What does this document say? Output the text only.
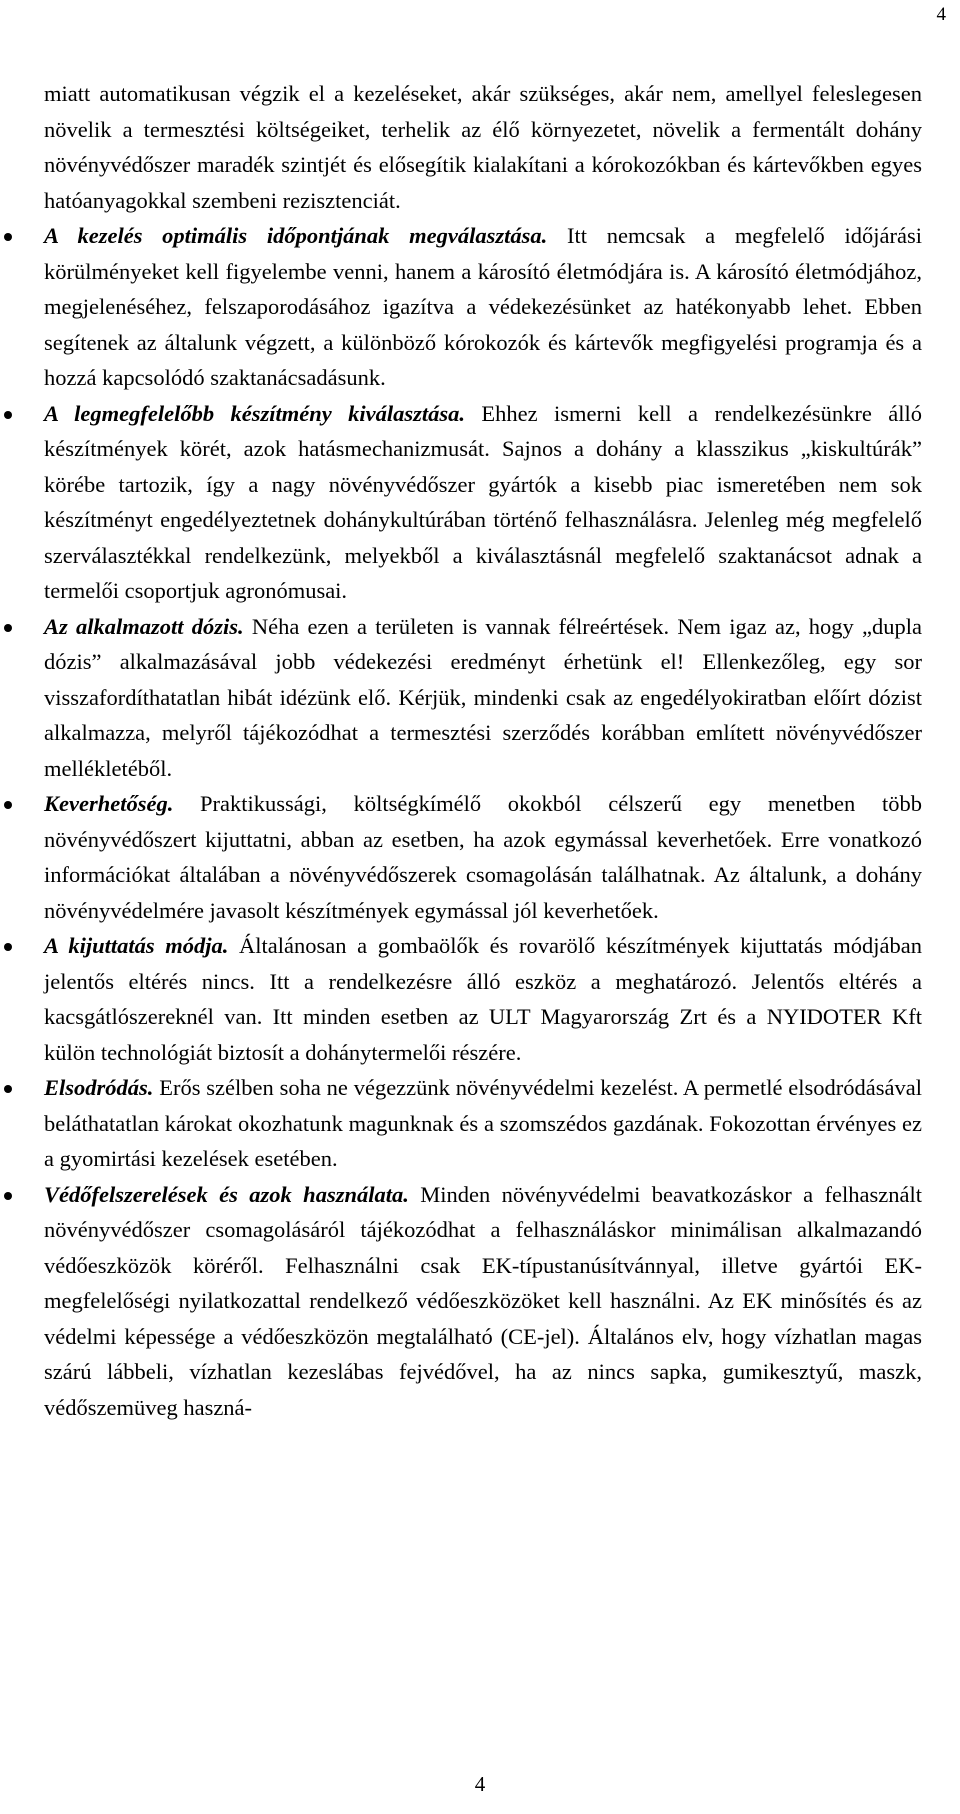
4

miatt automatikusan végzik el a kezeléseket, akár szükséges, akár nem, amellyel feleslegesen növelik a termesztési költségeiket, terhelik az élő környezetet, növelik a fermentált dohány növényvédőszer maradék szintjét és elősegítik kialakítani a kórokozókban és kártevőkben egyes hatóanyagokkal szembeni rezisztenciát.

A kezelés optimális időpontjának megválasztása. Itt nemcsak a megfelelő időjárási körülményeket kell figyelembe venni, hanem a károsító életmódjára is. A károsító életmódjához, megjelenéséhez, felszaporodásához igazítva a védekezésünket az hatékonyabb lehet. Ebben segítenek az általunk végzett, a különböző kórokozók és kártevők megfigyelési programja és a hozzá kapcsolódó szaktanácsadásunk.
A legmegfelelőbb készítmény kiválasztása. Ehhez ismerni kell a rendelkezésünkre álló készítmények körét, azok hatásmechanizmusát. Sajnos a dohány a klasszikus „kiskultúrák” körébe tartozik, így a nagy növényvédőszer gyártók a kisebb piac ismeretében nem sok készítményt engedélyeztetnek dohánykultúrában történő felhasználásra. Jelenleg még megfelelő szerválasztékkal rendelkezünk, melyekből a kiválasztásnál megfelelő szaktanácsot adnak a termelői csoportjuk agronómusai.
Az alkalmazott dózis. Néha ezen a területen is vannak félreértések. Nem igaz az, hogy „dupla dózis” alkalmazásával jobb védekezési eredményt érhetünk el! Ellenkezőleg, egy sor visszafordíthatatlan hibát idézünk elő. Kérjük, mindenki csak az engedélyokiratban előírt dózist alkalmazza, melyről tájékozódhat a termesztési szerződés korábban említett növényvédőszer mellékletéből.
Keverhetőség. Praktikussági, költségkímélő okokból célszerű egy menetben több növényvédőszert kijuttatni, abban az esetben, ha azok egymással keverhetőek. Erre vonatkozó információkat általában a növényvédőszerek csomagolásán találhatnak. Az általunk, a dohány növényvédelmére javasolt készítmények egymással jól keverhetőek.
A kijuttatás módja. Általánosan a gombaölők és rovarölő készítmények kijuttatás módjában jelentős eltérés nincs. Itt a rendelkezésre álló eszköz a meghatározó. Jelentős eltérés a kacsgátlószereknél van. Itt minden esetben az ULT Magyarország Zrt és a NYIDOTER Kft külön technológiát biztosít a dohánytermelői részére.
Elsodródás. Erős szélben soha ne végezzünk növényvédelmi kezelést. A permetlé elsodródásával beláthatatlan károkat okozhatunk magunknak és a szomszédos gazdának. Fokozottan érvényes ez a gyomirtási kezelések esetében.
Védőfelszerelések és azok használata. Minden növényvédelmi beavatkozáskor a felhasznált növényvédőszer csomagolásáról tájékozódhat a felhasználáskor minimálisan alkalmazandó védőeszközök köréről. Felhasználni csak EK-típustanúsítvánnyal, illetve gyártói EK-megfelelőségi nyilatkozattal rendelkező védőeszközöket kell használni. Az EK minősítés és az védelmi képessége a védőeszközön megtalálható (CE-jel). Általános elv, hogy vízhatlan magas szárú lábbeli, vízhatlan kezeslábas fejvédővel, ha az nincs sapka, gumikesztyű, maszk, védőszemüveg haszná-
4
